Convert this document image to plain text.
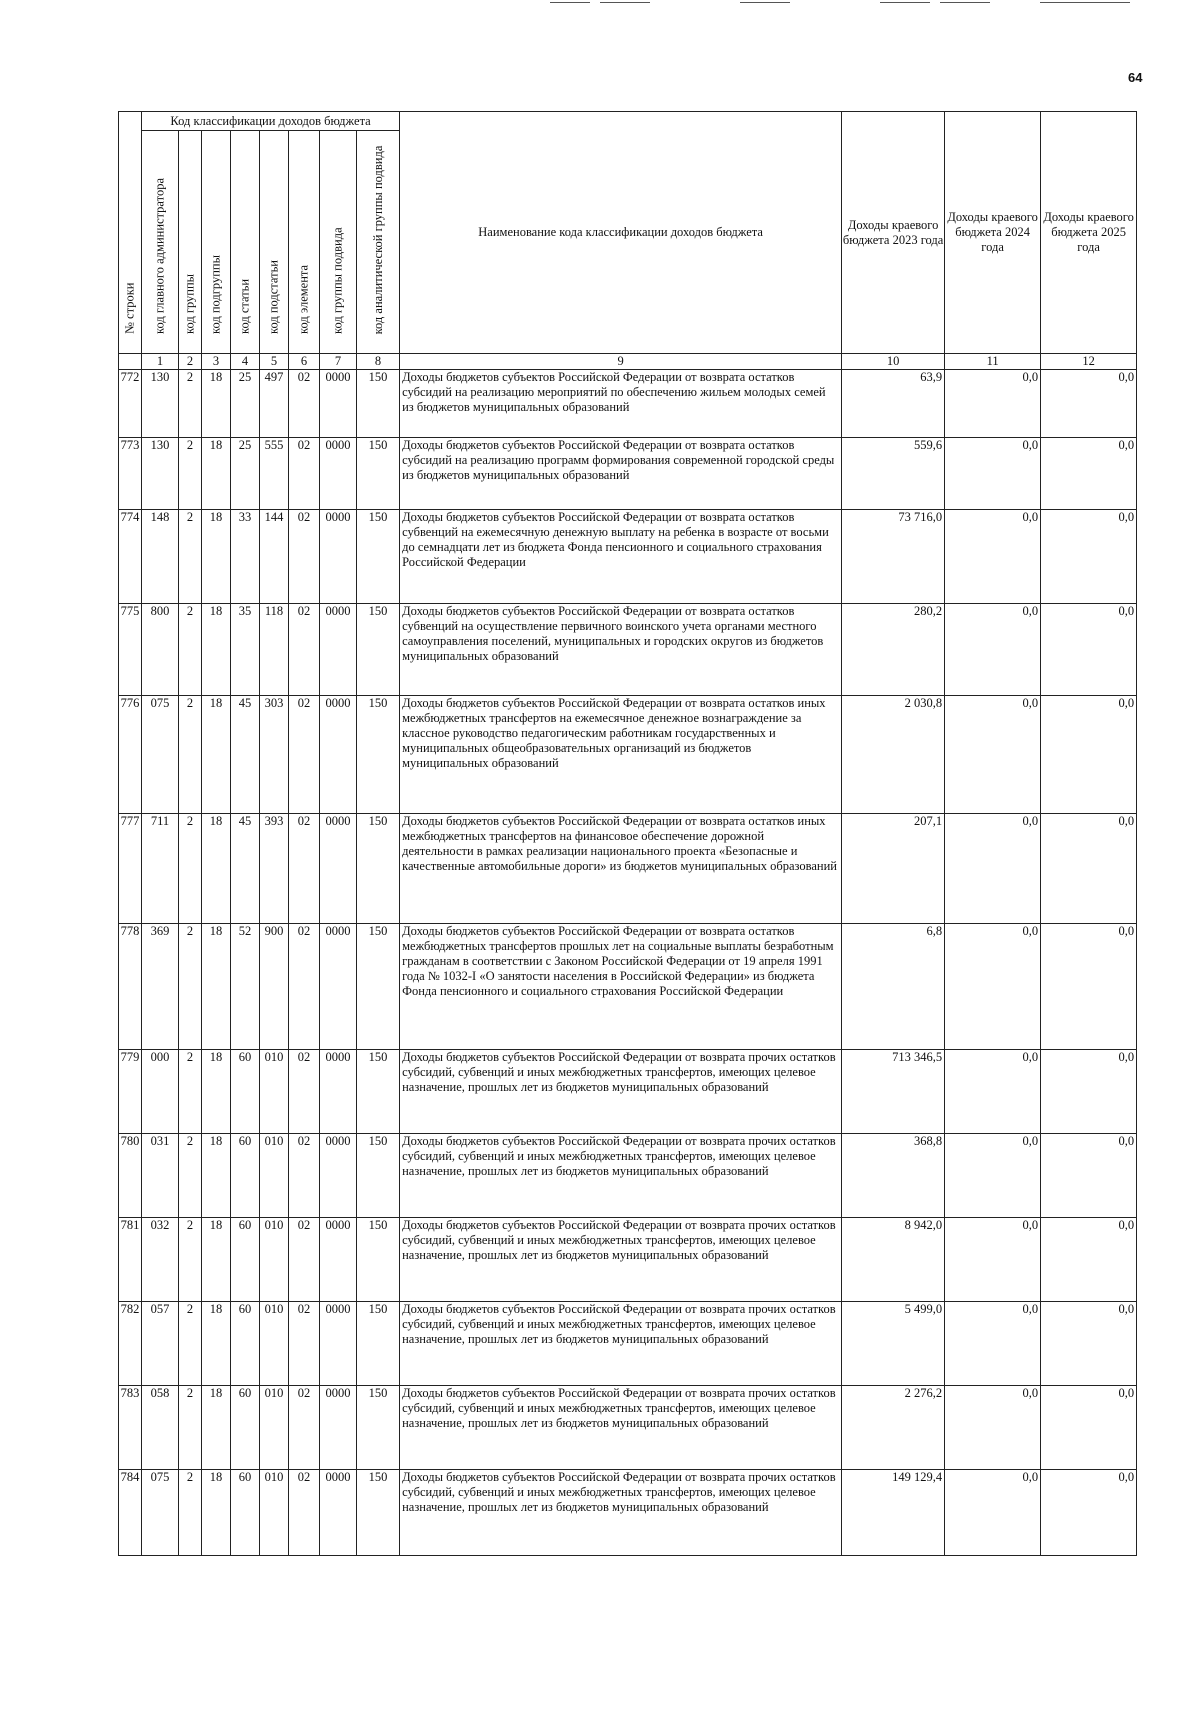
64
№ строки	Код классификации доходов бюджета								Наименование кода классификации доходов бюджета	Доходы краевого бюджета 2023 года	Доходы краевого бюджета 2024 года	Доходы краевого бюджета 2025 года

	код главного администратора	код группы	код подгруппы	код статьи	код подстатьи	код элемента	код группы подвида	код аналитической группы подвида				

	1	2	3	4	5	6	7	8	9	10	11	12
772	130	2	18	25	497	02	0000	150	Доходы бюджетов субъектов Российской Федерации от возврата остатков субсидий на реализацию мероприятий по обеспечению жильем молодых семей из бюджетов муниципальных образований	63,9	0,0	0,0
773	130	2	18	25	555	02	0000	150	Доходы бюджетов субъектов Российской Федерации от возврата остатков субсидий на реализацию программ формирования современной городской среды из бюджетов муниципальных образований	559,6	0,0	0,0
774	148	2	18	33	144	02	0000	150	Доходы бюджетов субъектов Российской Федерации от возврата остатков субвенций на ежемесячную денежную выплату на ребенка в возрасте от восьми до семнадцати лет из бюджета Фонда пенсионного и социального страхования Российской Федерации	73 716,0	0,0	0,0
775	800	2	18	35	118	02	0000	150	Доходы бюджетов субъектов Российской Федерации от возврата остатков субвенций на осуществление первичного воинского учета органами местного самоуправления поселений, муниципальных и городских округов из бюджетов муниципальных образований	280,2	0,0	0,0
776	075	2	18	45	303	02	0000	150	Доходы бюджетов субъектов Российской Федерации от возврата остатков иных межбюджетных трансфертов на ежемесячное денежное вознаграждение за классное руководство педагогическим работникам государственных и муниципальных общеобразовательных организаций из бюджетов муниципальных образований	2 030,8	0,0	0,0
777	711	2	18	45	393	02	0000	150	Доходы бюджетов субъектов Российской Федерации от возврата остатков иных межбюджетных трансфертов на финансовое обеспечение дорожной деятельности в рамках реализации национального проекта «Безопасные и качественные автомобильные дороги» из бюджетов муниципальных образований	207,1	0,0	0,0
778	369	2	18	52	900	02	0000	150	Доходы бюджетов субъектов Российской Федерации от возврата остатков межбюджетных трансфертов прошлых лет на социальные выплаты безработным гражданам в соответствии с Законом Российской Федерации от 19 апреля 1991 года № 1032-I «О занятости населения в Российской Федерации» из бюджета Фонда пенсионного и социального страхования Российской Федерации	6,8	0,0	0,0
779	000	2	18	60	010	02	0000	150	Доходы бюджетов субъектов Российской Федерации от возврата прочих остатков субсидий, субвенций и иных межбюджетных трансфертов, имеющих целевое назначение, прошлых лет из бюджетов муниципальных образований	713 346,5	0,0	0,0
780	031	2	18	60	010	02	0000	150	Доходы бюджетов субъектов Российской Федерации от возврата прочих остатков субсидий, субвенций и иных межбюджетных трансфертов, имеющих целевое назначение, прошлых лет из бюджетов муниципальных образований	368,8	0,0	0,0
781	032	2	18	60	010	02	0000	150	Доходы бюджетов субъектов Российской Федерации от возврата прочих остатков субсидий, субвенций и иных межбюджетных трансфертов, имеющих целевое назначение, прошлых лет из бюджетов муниципальных образований	8 942,0	0,0	0,0
782	057	2	18	60	010	02	0000	150	Доходы бюджетов субъектов Российской Федерации от возврата прочих остатков субсидий, субвенций и иных межбюджетных трансфертов, имеющих целевое назначение, прошлых лет из бюджетов муниципальных образований	5 499,0	0,0	0,0
783	058	2	18	60	010	02	0000	150	Доходы бюджетов субъектов Российской Федерации от возврата прочих остатков субсидий, субвенций и иных межбюджетных трансфертов, имеющих целевое назначение, прошлых лет из бюджетов муниципальных образований	2 276,2	0,0	0,0
784	075	2	18	60	010	02	0000	150	Доходы бюджетов субъектов Российской Федерации от возврата прочих остатков субсидий, субвенций и иных межбюджетных трансфертов, имеющих целевое назначение, прошлых лет из бюджетов муниципальных образований	149 129,4	0,0	0,0
